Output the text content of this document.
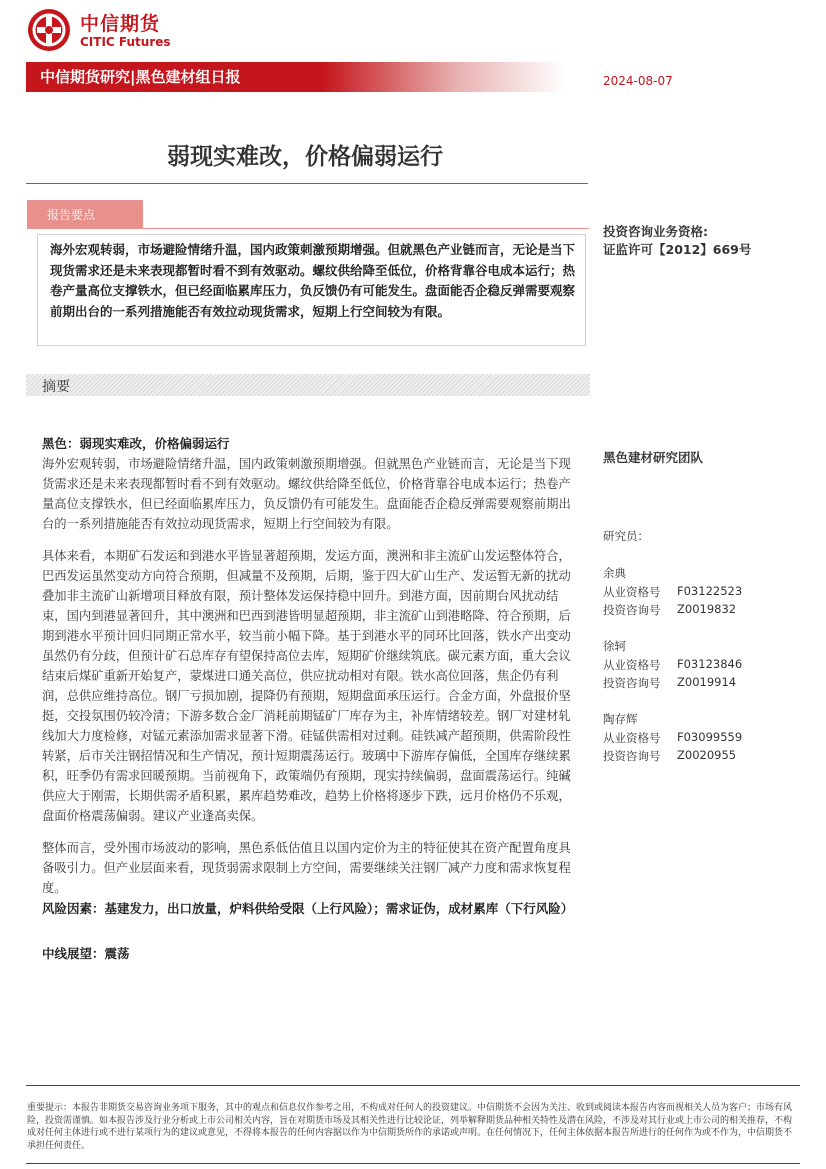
中信期货
CITIC Futures
中信期货研究|黑色建材组日报	2024-08-07
弱现实难改，价格偏弱运行
报告要点
海外宏观转弱，市场避险情绪升温，国内政策刺激预期增强。但就黑色产业链而言，无论是当下现货需求还是未来表现都暂时看不到有效驱动。螺纹供给降至低位，价格背靠谷电成本运行；热卷产量高位支撑铁水，但已经面临累库压力，负反馈仍有可能发生。盘面能否企稳反弹需要观察前期出台的一系列措施能否有效拉动现货需求，短期上行空间较为有限。
投资咨询业务资格:
证监许可【2012】669号
摘要
黑色：弱现实难改，价格偏弱运行
海外宏观转弱，市场避险情绪升温，国内政策刺激预期增强。但就黑色产业链而言，无论是当下现货需求还是未来表现都暂时看不到有效驱动。螺纹供给降至低位，价格背靠谷电成本运行；热卷产量高位支撑铁水，但已经面临累库压力，负反馈仍有可能发生。盘面能否企稳反弹需要观察前期出台的一系列措施能否有效拉动现货需求，短期上行空间较为有限。
具体来看，本期矿石发运和到港水平皆显著超预期，发运方面，澳洲和非主流矿山发运整体符合，巴西发运虽然变动方向符合预期，但减量不及预期，后期，鉴于四大矿山生产、发运暂无新的扰动叠加非主流矿山新增项目释放有限，预计整体发运保持稳中回升。到港方面，因前期台风扰动结束，国内到港显著回升，其中澳洲和巴西到港皆明显超预期，非主流矿山到港略降、符合预期，后期到港水平预计回归同期正常水平，较当前小幅下降。基于到港水平的同环比回落，铁水产出变动虽然仍有分歧，但预计矿石总库存有望保持高位去库，短期矿价继续筑底。碳元素方面，重大会议结束后煤矿重新开始复产，蒙煤进口通关高位，供应扰动相对有限。铁水高位回落，焦企仍有利润，总供应维持高位。钢厂亏损加剧，提降仍有预期，短期盘面承压运行。合金方面，外盘报价坚挺，交投氛围仍较冷清；下游多数合金厂消耗前期锰矿厂库存为主，补库情绪较差。钢厂对建材轧线加大力度检修，对锰元素添加需求显著下滑。硅锰供需相对过剩。硅铁减产超预期，供需阶段性转紧，后市关注钢招情况和生产情况，预计短期震荡运行。玻璃中下游库存偏低，全国库存继续累积，旺季仍有需求回暖预期。当前视角下，政策端仍有预期，现实持续偏弱，盘面震荡运行。纯碱供应大于刚需，长期供需矛盾积累，累库趋势难改，趋势上价格将逐步下跌，远月价格仍不乐观，盘面价格震荡偏弱。建议产业逢高卖保。
整体而言，受外围市场波动的影响，黑色系低估值且以国内定价为主的特征使其在资产配置角度具备吸引力。但产业层面来看，现货弱需求限制上方空间，需要继续关注钢厂减产力度和需求恢复程度。
风险因素：基建发力，出口放量，炉料供给受限（上行风险）；需求证伪，成材累库（下行风险）
中线展望：震荡
黑色建材研究团队
研究员：
余典
从业资格号 F03122523
投资咨询号 Z0019832
徐轲
从业资格号 F03123846
投资咨询号 Z0019914
陶存辉
从业资格号 F03099559
投资咨询号 Z0020955
重要提示：本报告非期货交易咨询业务项下服务，其中的观点和信息仅作参考之用，不构成对任何人的投资建议。中信期货不会因为关注、收到或阅读本报告内容而视相关人员为客户；市场有风险，投资需谨慎。如本报告涉及行业分析或上市公司相关内容，旨在对期货市场及其相关性进行比较论证，列举解释期货品种相关特性及潜在风险，不涉及对其行业或上市公司的相关推荐，不构成对任何主体进行或不进行某项行为的建议或意见，不得将本报告的任何内容据以作为中信期货所作的承诺或声明。在任何情况下，任何主体依据本报告所进行的任何作为或不作为，中信期货不承担任何责任。
